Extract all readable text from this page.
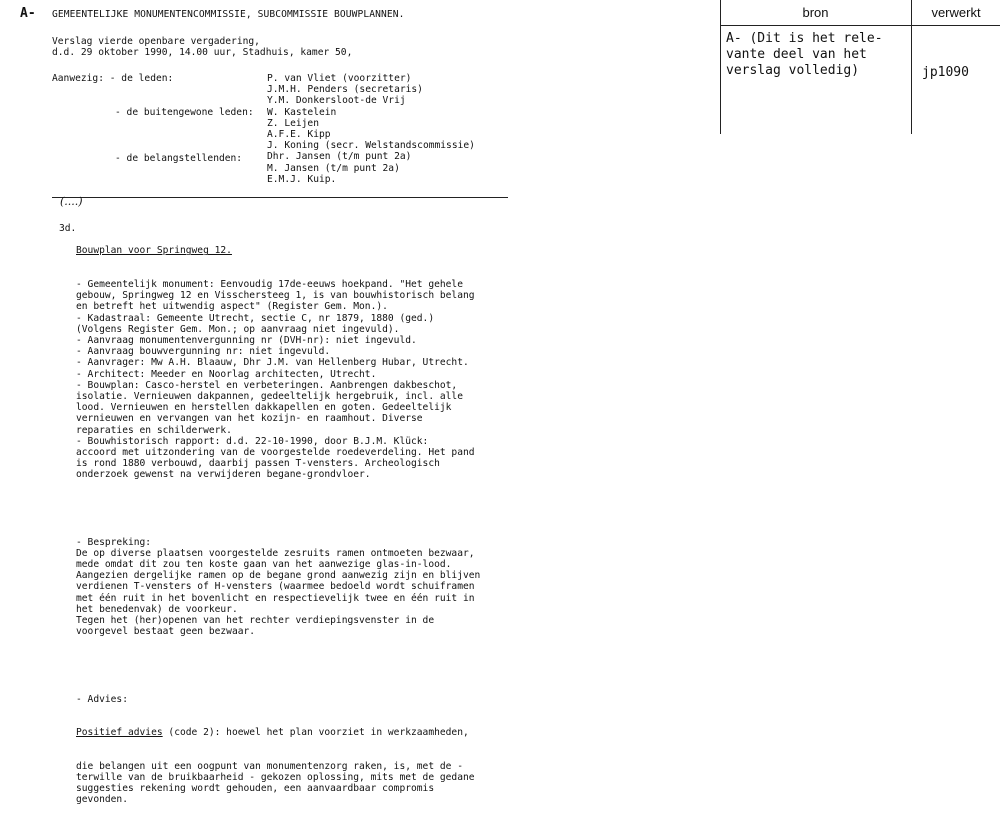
A- GEMEENTELIJKE MONUMENTENCOMMISSIE, SUBCOMMISSIE BOUWPLANNEN.
Verslag vierde openbare vergadering,
d.d. 29 oktober 1990, 14.00 uur, Stadhuis, kamer 50,
Aanwezig: - de leden:
- de buitengewone leden:
- de belangstellenden:
P. van Vliet (voorzitter)
J.M.H. Penders (secretaris)
Y.M. Donkersloot-de Vrij
W. Kastelein
Z. Leijen
A.F.E. Kipp
J. Koning (secr. Welstandscommissie)
Dhr. Jansen (t/m punt 2a)
M. Jansen (t/m punt 2a)
E.M.J. Kuip.
(....)
3d.

Bouwplan voor Springweg 12.

- Gemeentelijk monument: Eenvoudig 17de-eeuws hoekpand. "Het gehele
gebouw, Springweg 12 en Visschersteeg 1, is van bouwhistorisch belang
en betreft het uitwendig aspect" (Register Gem. Mon.).
- Kadastraal: Gemeente Utrecht, sectie C, nr 1879, 1880 (ged.)
(Volgens Register Gem. Mon.; op aanvraag niet ingevuld).
- Aanvraag monumentenvergunning nr (DVH-nr): niet ingevuld.
- Aanvraag bouwvergunning nr: niet ingevuld.
- Aanvrager: Mw A.H. Blaauw, Dhr J.M. van Hellenberg Hubar, Utrecht.
- Architect: Meeder en Noorlag architecten, Utrecht.
- Bouwplan: Casco-herstel en verbeteringen. Aanbrengen dakbeschot,
isolatie. Vernieuwen dakpannen, gedeeltelijk hergebruik, incl. alle
lood. Vernieuwen en herstellen dakkapellen en goten. Gedeeltelijk
vernieuwen en vervangen van het kozijn- en raamhout. Diverse
reparaties en schilderwerk.
- Bouwhistorisch rapport: d.d. 22-10-1990, door B.J.M. Klück:
accoord met uitzondering van de voorgestelde roedeverdeling. Het pand
is rond 1880 verbouwd, daarbij passen T-vensters. Archeologisch
onderzoek gewenst na verwijderen begane-grondvloer.

- Bespreking:
De op diverse plaatsen voorgestelde zesruits ramen ontmoeten bezwaar,
mede omdat dit zou ten koste gaan van het aanwezige glas-in-lood.
Aangezien dergelijke ramen op de begane grond aanwezig zijn en blijven
verdienen T-vensters of H-vensters (waarmee bedoeld wordt schuiframen
met één ruit in het bovenlicht en respectievelijk twee en één ruit in
het benedenvak) de voorkeur.
Tegen het (her)openen van het rechter verdiepingsvenster in de
voorgevel bestaat geen bezwaar.

- Advies:

Positief advies (code 2): hoewel het plan voorziet in werkzaamheden,

die belangen uit een oogpunt van monumentenzorg raken, is, met de -
terwille van de bruikbaarheid - gekozen oplossing, mits met de gedane
suggesties rekening wordt gehouden, een aanvaardbaar compromis
gevonden.

bron	verwerkt
A- (Dit is het rele-
vante deel van het
verslag volledig)	jp1090
